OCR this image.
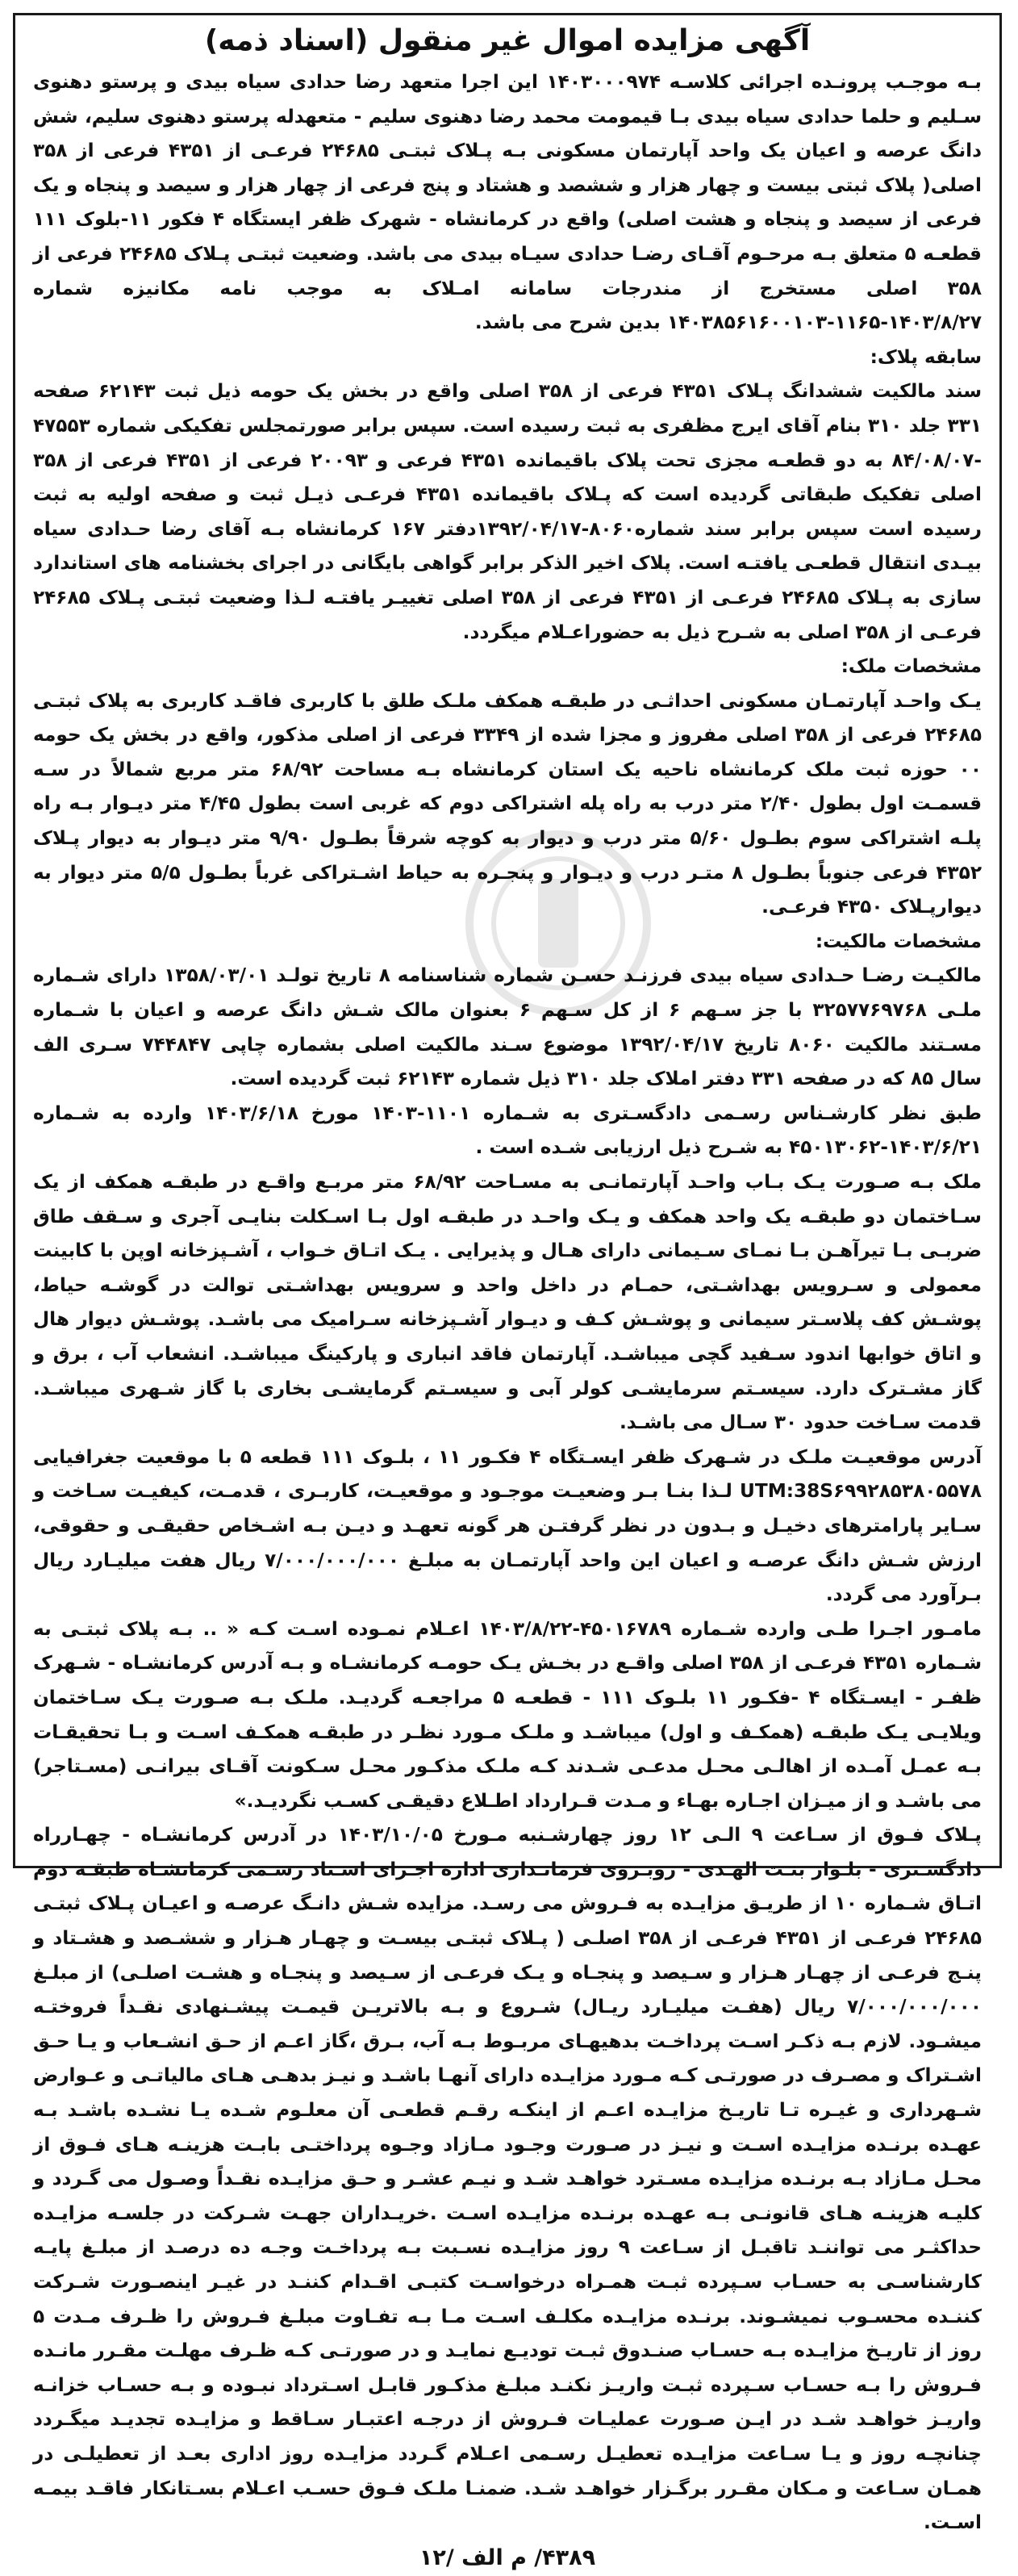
آگهی مزایده اموال غیر منقول (اسناد ذمه)

بـه موجـب پرونـده اجرائی کلاسـه ۱۴۰۳۰۰۰۹۷۴ این اجرا متعهد رضا حدادی سیاه بیدی و پرستو دهنوی سـلیم و حلما حدادی سیاه بیدی بـا قیمومت محمد رضا دهنوی سلیم - متعهدله پرستو دهنوی سلیم، شش دانگ عرصه و اعیان یک واحد آپارتمان مسکونی بـه پـلاک ثبتـی ۲۴۶۸۵ فرعـی از ۴۳۵۱ فرعی از ۳۵۸ اصلی( پلاک ثبتی بیست و چهار هزار و ششصد و هشتاد و پنج فرعی از چهار هزار و سیصد و پنجاه و یک فرعی از سیصد و پنجاه و هشت اصلی) واقع در کرمانشاه - شهرک ظفر ایستگاه ۴ فکور ۱۱-بلوک ۱۱۱ قطعـه ۵ متعلق بـه مرحـوم آقـای رضـا حدادی سیـاه بیدی می باشد. وضعیت ثبتـی پـلاک ۲۴۶۸۵ فرعی از ۳۵۸ اصلی مستخرج از مندرجات سامانه امـلاک به موجب نامه مکانیزه شماره ۱۴۰۳/۸/۲۷-۱۱۶۵-۱۴۰۳۸۵۶۱۶۰۰۱۰۳ بدین شرح می باشد.

سابقه پلاک:

سند مالکیت ششدانگ پـلاک ۴۳۵۱ فرعی از ۳۵۸ اصلی واقع در بخش یک حومه ذیل ثبت ۶۲۱۴۳ صفحه ۳۳۱ جلد ۳۱۰ بنام آقای ایرج مظفری به ثبت رسیده است. سپس برابر صورتمجلس تفکیکی شماره ۴۷۵۵۳ -۸۴/۰۸/۰۷ به دو قطعـه مجزی تحت پلاک باقیمانده ۴۳۵۱ فرعی و ۲۰۰۹۳ فرعی از ۴۳۵۱ فرعی از ۳۵۸ اصلی تفکیک طبقاتی گردیده است که پـلاک باقیمانده ۴۳۵۱ فرعـی ذیـل ثبت و صفحه اولیه به ثبت رسیده است سپس برابر سند شماره۸۰۶۰-۱۳۹۲/۰۴/۱۷دفتر ۱۶۷ کرمانشاه بـه آقای رضا حـدادی سیاه بیـدی انتقال قطعـی یافتـه است. پلاک اخیر الذکر برابر گواهی بایگانی در اجرای بخشنامه های استاندارد سازی به پـلاک ۲۴۶۸۵ فرعـی از ۴۳۵۱ فرعی از ۳۵۸ اصلی تغییـر یافتـه لـذا وضعیت ثبتـی پـلاک ۲۴۶۸۵ فرعـی از ۳۵۸ اصلی به شـرح ذیل به حضوراعـلام میگردد.

مشخصات ملک:

یـک واحـد آپارتمـان مسکونی احداثـی در طبقـه همکف ملـک طلق با کاربری فاقـد کاربری به پلاک ثبتـی ۲۴۶۸۵ فرعی از ۳۵۸ اصلی مفروز و مجزا شده از ۳۳۴۹ فرعی از اصلی مذکور، واقع در بخش یک حومه ۰۰ حوزه ثبت ملک کرمانشاه ناحیه یک استان کرمانشاه بـه مساحت ۶۸/۹۲ متر مربع شمالاً در سـه قسمـت اول بطول ۲/۴۰ متر درب به راه پله اشتراکی دوم که غربی است بطول ۴/۴۵ متر دیـوار بـه راه پلـه اشتراکی سوم بطـول ۵/۶۰ متر درب و دیوار به کوچه شرقاً بطـول ۹/۹۰ متر دیـوار به دیوار پـلاک ۴۳۵۲ فرعی جنوباً بطـول ۸ متـر درب و دیـوار و پنجـره به حیاط اشـتراکی غرباً بطـول ۵/۵ متر دیوار به دیوارپـلاک ۴۳۵۰ فرعـی.

مشخصات مالکیت:

مالکیـت رضـا حـدادی سیاه بیدی فرزنـد حسـن شماره شناسنامه ۸ تاریخ تولـد ۱۳۵۸/۰۳/۰۱ دارای شـماره ملـی ۳۲۵۷۷۶۹۷۶۸ با جز سـهم ۶ از کل سـهم ۶ بعنوان مالک شـش دانگ عرصه و اعیان با شـماره مسـتند مالکیت ۸۰۶۰ تاریخ ۱۳۹۲/۰۴/۱۷ موضوع سـند مالکیت اصلی بشماره چاپی ۷۴۴۸۴۷ سـری الف سال ۸۵ که در صفحه ۳۳۱ دفتر املاک جلد ۳۱۰ ذیل شماره ۶۲۱۴۳ ثبت گردیده است.

طبق نظر کارشـناس رسـمی دادگسـتری به شـماره ۱۱۰۱-۱۴۰۳ مورخ ۱۴۰۳/۶/۱۸ وارده به شـماره ۱۴۰۳/۶/۲۱-۴۵۰۱۳۰۶۲ به شـرح ذیل ارزیابی شـده است .

ملک بـه صـورت یـک بـاب واحـد آپارتمانـی به مسـاحت ۶۸/۹۲ متر مربـع واقـع در طبقـه همکف از یک سـاختمان دو طبقـه یک واحد همکف و یـک واحـد در طبقـه اول بـا اسـکلت بنایـی آجری و سـقف طاق ضربـی بـا تیرآهـن بـا نمـای سـیمانی دارای هـال و پذیرایی . یـک اتـاق خـواب ، آشـپزخانه اوپن با کابینت معمولی و سـرویس بهداشـتی، حمـام در داخل واحد و سرویس بهداشـتی توالت در گوشـه حیاط، پوشـش کف پلاسـتر سیمانی و پوشـش کـف و دیـوار آشـپزخانه سـرامیک می باشـد. پوشـش دیوار هال و اتاق خوابها اندود سـفید گچی میباشـد. آپارتمان فاقد انباری و پارکینگ میباشـد. انشعاب آب ، برق و گاز مشـترک دارد. سیسـتم سرمایشـی کولر آبی و سیسـتم گرمایشـی بخاری با گاز شـهری میباشـد. قدمت سـاخت حدود ۳۰ سـال می باشـد.

آدرس موقعیـت ملـک در شـهرک ظفر ایسـتگاه ۴ فکـور ۱۱ ، بلـوک ۱۱۱ قطعه ۵ با موقعیت جغرافیایی UTM:38S۶۹۹۲۸۵۳۸۰۵۵۷۸ لـذا بنـا بـر وضعیـت موجـود و موقعیـت، کاربـری ، قدمـت، کیفیـت سـاخت و سـایر پارامترهای دخیـل و بـدون در نظر گرفتـن هر گونه تعهـد و دیـن بـه اشـخاص حقیقـی و حقوقی، ارزش شـش دانگ عرصـه و اعیان این واحد آپارتمـان به مبلـغ ۷/۰۰۰/۰۰۰/۰۰۰ ریال هفت میلیـارد ریال بـرآورد می گردد.

مامـور اجـرا طـی وارده شـماره ۴۵۰۱۶۷۸۹-۱۴۰۳/۸/۲۲ اعـلام نمـوده اسـت کـه « .. بـه پلاک ثبتـی به شـماره ۴۳۵۱ فرعـی از ۳۵۸ اصلی واقـع در بخـش یـک حومـه کرمانشـاه و بـه آدرس کرمانشـاه - شـهرک ظفـر - ایسـتگاه ۴ -فکـور ۱۱ بلـوک ۱۱۱ - قطعـه ۵ مراجعـه گردیـد. ملـک بـه صـورت یـک سـاختمان ویلایـی یـک طبقـه (همکـف و اول) میباشـد و ملـک مـورد نظـر در طبقـه همکـف اسـت و بـا تحقیقـات بـه عمـل آمـده از اهالـی محـل مدعـی شـدند کـه ملـک مذکـور محـل سـکونت آقـای بیرانـی (مسـتاجر) می باشـد و از میـزان اجـاره بهـاء و مـدت قـرارداد اطـلاع دقیقـی کسـب نگردیـد.»

پـلاک فـوق از سـاعت ۹ الـی ۱۲ روز چهارشـنبه مـورخ ۱۴۰۳/۱۰/۰۵ در آدرس کرمانشـاه - چهـارراه دادگسـتری - بلـوار بنـت الهـدی - روبـروی فرمانـداری اداره اجـرای اسـناد رسـمی کرمانشـاه طبقـه دوم اتـاق شـماره ۱۰ از طریـق مزایـده به فـروش می رسـد. مزایده شـش دانـگ عرصـه و اعیـان پـلاک ثبتـی ۲۴۶۸۵ فرعـی از ۴۳۵۱ فرعـی از ۳۵۸ اصلـی ( پـلاک ثبتـی بیسـت و چهـار هـزار و ششـصد و هشـتاد و پنـج فرعـی از چهـار هـزار و سـیصد و پنجـاه و یـک فرعـی از سـیصد و پنجـاه و هشـت اصلـی) از مبلـغ ۷/۰۰۰/۰۰۰/۰۰۰ ریال (هفـت میلیـارد ریـال) شـروع و بـه بالاتریـن قیمـت پیشـنهادی نقـداً فروختـه میشـود. لازم بـه ذکـر اسـت پرداخـت بدهیهـای مربـوط بـه آب، بـرق ،گاز اعـم از حـق انشـعاب و یـا حـق اشـتراک و مصـرف در صورتـی کـه مـورد مزایـده دارای آنهـا باشـد و نیـز بدهـی هـای مالیاتـی و عـوارض شـهرداری و غیـره تـا تاریـخ مزایـده اعـم از اینکـه رقـم قطعـی آن معلـوم شـده یـا نشـده باشـد بـه عهـده برنـده مزایـده اسـت و نیـز در صـورت وجـود مـازاد وجـوه پرداختـی بابـت هزینـه هـای فـوق از محـل مـازاد بـه برنـده مزایـده مسـترد خواهـد شـد و نیـم عشـر و حـق مزایـده نقـداً وصـول می گـردد و کلیـه هزینـه هـای قانونـی بـه عهـده برنـده مزایـده اسـت .خریـداران جهـت شـرکت در جلسـه مزایـده حداکثـر می تواننـد تاقبـل از سـاعت ۹ روز مزایـده نسـبت بـه پرداخـت وجـه ده درصـد از مبلـغ پایـه کارشناسـی به حسـاب سـپرده ثبـت همـراه درخواسـت کتبـی اقـدام کننـد در غیـر اینصـورت شـرکت کننـده محسـوب نمیشـوند. برنـده مزایـده مکلـف اسـت مـا بـه تفـاوت مبلـغ فـروش را ظـرف مـدت ۵ روز از تاریـخ مزایـده بـه حسـاب صنـدوق ثبـت تودیـع نمایـد و در صورتـی کـه ظـرف مهلـت مقـرر مانـده فـروش را بـه حسـاب سـپرده ثبـت واریـز نکنـد مبلـغ مذکـور قابـل اسـترداد نبـوده و بـه حسـاب خزانـه واریـز خواهـد شـد در ایـن صـورت عملیـات فـروش از درجـه اعتبـار سـاقط و مزایـده تجدیـد میگـردد چنانچـه روز و یـا سـاعت مزایـده تعطیـل رسـمی اعـلام گـردد مزایـده روز اداری بعـد از تعطیلـی در همـان سـاعت و مـکان مقـرر برگـزار خواهـد شـد. ضمنـا ملـک فـوق حسـب اعـلام بسـتانکار فاقـد بیمـه اسـت.

۴۳۸۹/ م الف /۱۲
